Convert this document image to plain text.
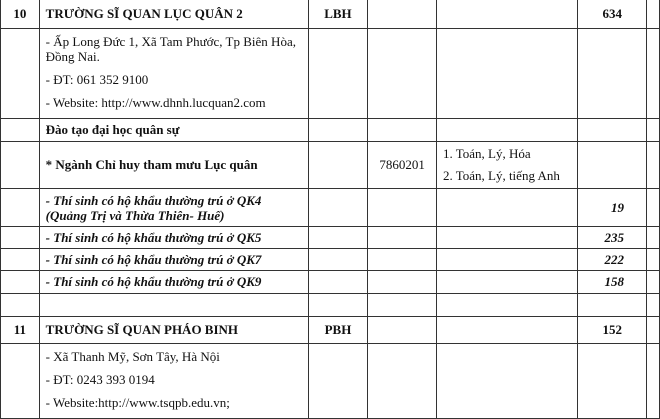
10	TRƯỜNG SĨ QUAN LỤC QUÂN 2	LBH			634	

	- Ấp Long Đức 1, Xã Tam Phước, Tp Biên Hòa, Đồng Nai.
- ĐT: 061 352 9100
- Website: http://www.dhnh.lucquan2.com					

	Đào tạo đại học quân sự					
	* Ngành Chỉ huy tham mưu Lục quân		7860201	1. Toán, Lý, Hóa
2. Toán, Lý, tiếng Anh		

	- Thí sinh có hộ khẩu thường trú ở QK4 (Quảng Trị và Thừa Thiên- Huế)				19	
	- Thí sinh có hộ khẩu thường trú ở QK5				235	
	- Thí sinh có hộ khẩu thường trú ở QK7				222	
	- Thí sinh có hộ khẩu thường trú ở QK9				158	

11	TRƯỜNG SĨ QUAN PHÁO BINH	PBH			152	

	- Xã Thanh Mỹ, Sơn Tây, Hà Nội
- ĐT: 0243 393 0194
- Website:http://www.tsqpb.edu.vn;					
